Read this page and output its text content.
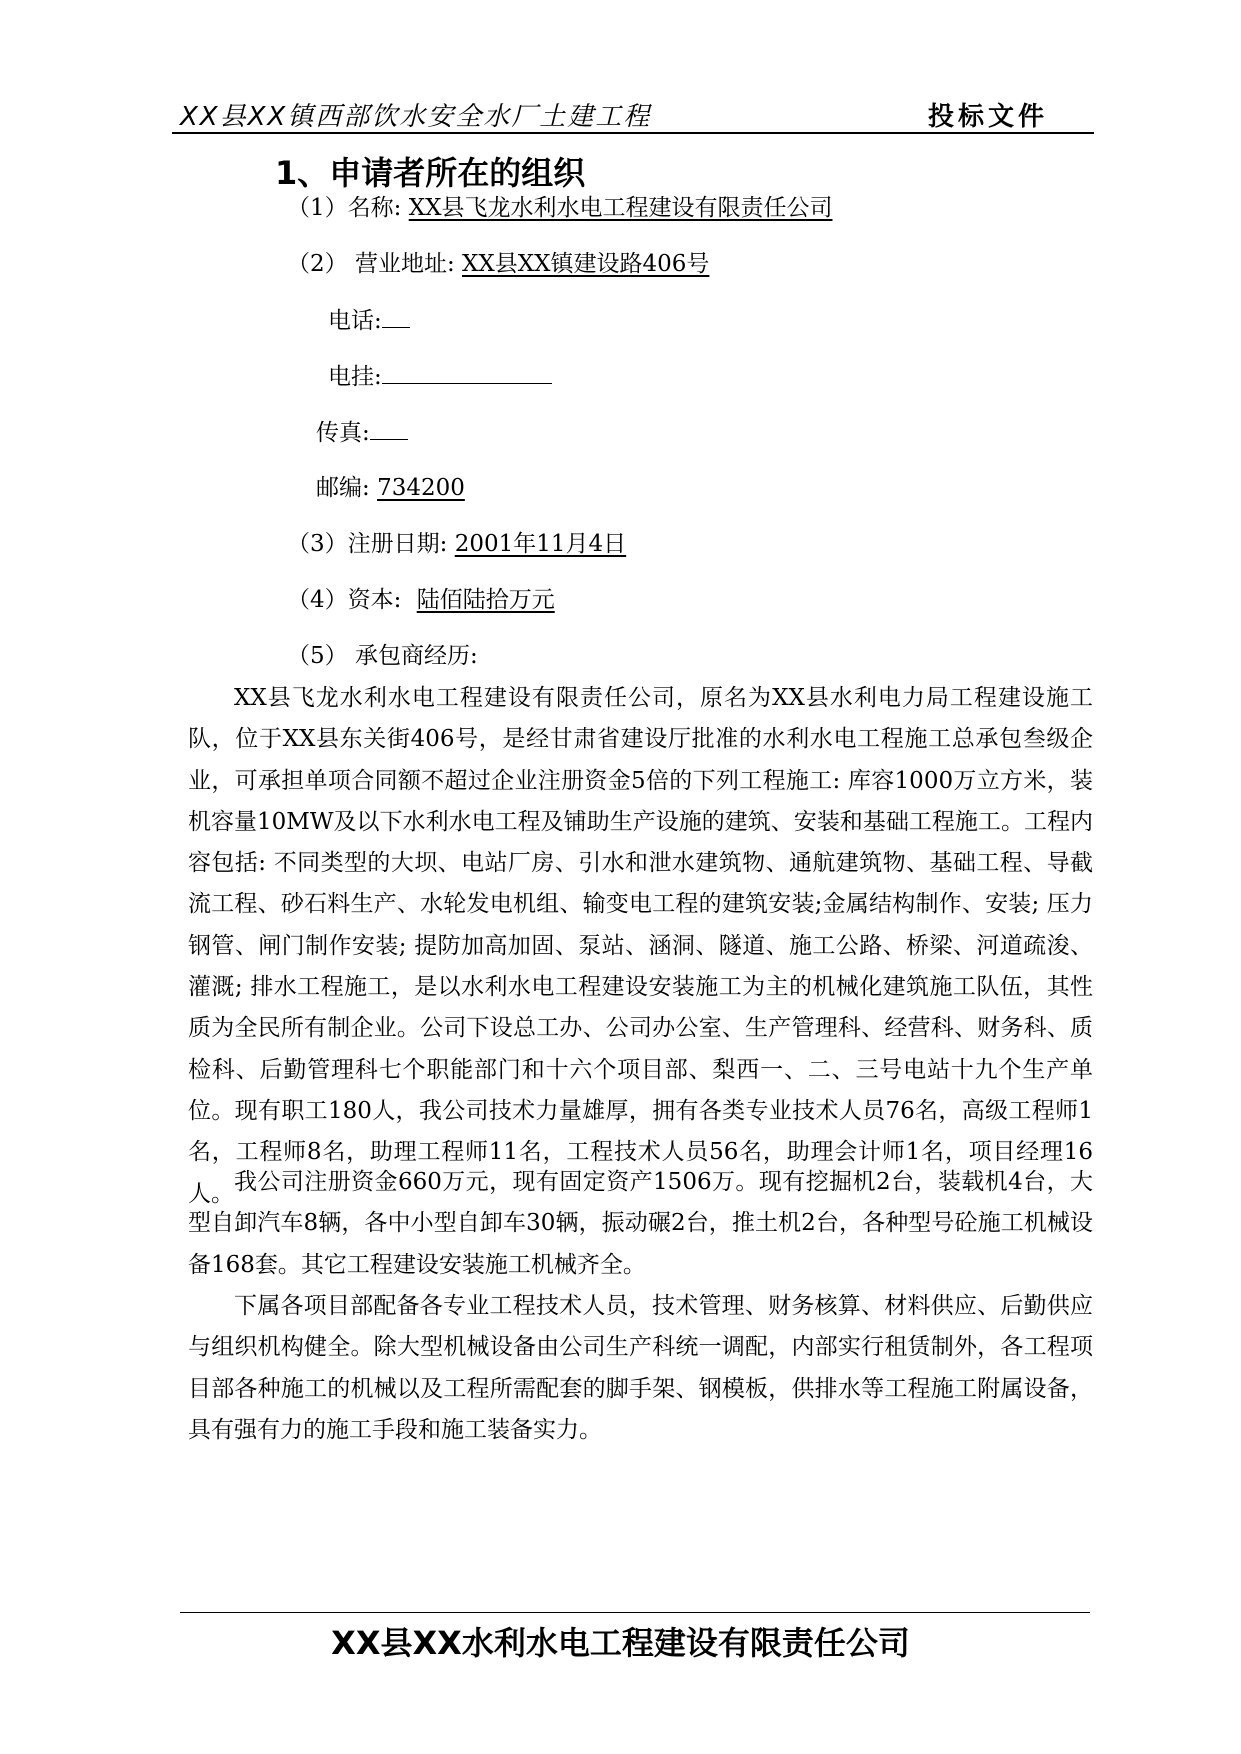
XX县XX镇西部饮水安全水厂土建工程	投标文件
1、申请者所在的组织
（1）名称: XX县飞龙水利水电工程建设有限责任公司
（2） 营业地址: XX县XX镇建设路406号
电话:
电挂:
传真:
邮编: 734200
（3）注册日期: 2001年11月4日
（4）资本: 陆佰陆拾万元
（5） 承包商经历:

XX县飞龙水利水电工程建设有限责任公司，原名为XX县水利电力局工程建设施工队，位于XX县东关街406号，是经甘肃省建设厅批准的水利水电工程施工总承包叁级企业，可承担单项合同额不超过企业注册资金5倍的下列工程施工: 库容1000万立方米，装机容量10MW及以下水利水电工程及铺助生产设施的建筑、安装和基础工程施工。工程内容包括: 不同类型的大坝、电站厂房、引水和泄水建筑物、通航建筑物、基础工程、导截流工程、砂石料生产、水轮发电机组、输变电工程的建筑安装;金属结构制作、安装; 压力钢管、闸门制作安装; 提防加高加固、泵站、涵洞、隧道、施工公路、桥梁、河道疏浚、灌溉; 排水工程施工，是以水利水电工程建设安装施工为主的机械化建筑施工队伍，其性质为全民所有制企业。公司下设总工办、公司办公室、生产管理科、经营科、财务科、质检科、后勤管理科七个职能部门和十六个项目部、梨西一、二、三号电站十九个生产单位。现有职工180人，我公司技术力量雄厚，拥有各类专业技术人员76名，高级工程师1名，工程师8名，助理工程师11名，工程技术人员56名，助理会计师1名，项目经理16人。 我公司注册资金660万元，现有固定资产1506万。现有挖掘机2台，装载机4台，大型自卸汽车8辆，各中小型自卸车30辆，振动碾2台，推土机2台，各种型号砼施工机械设备168套。其它工程建设安装施工机械齐全。

下属各项目部配备各专业工程技术人员，技术管理、财务核算、材料供应、后勤供应与组织机构健全。除大型机械设备由公司生产科统一调配，内部实行租赁制外，各工程项目部各种施工的机械以及工程所需配套的脚手架、钢模板，供排水等工程施工附属设备，具有强有力的施工手段和施工装备实力。

XX县XX水利水电工程建设有限责任公司
